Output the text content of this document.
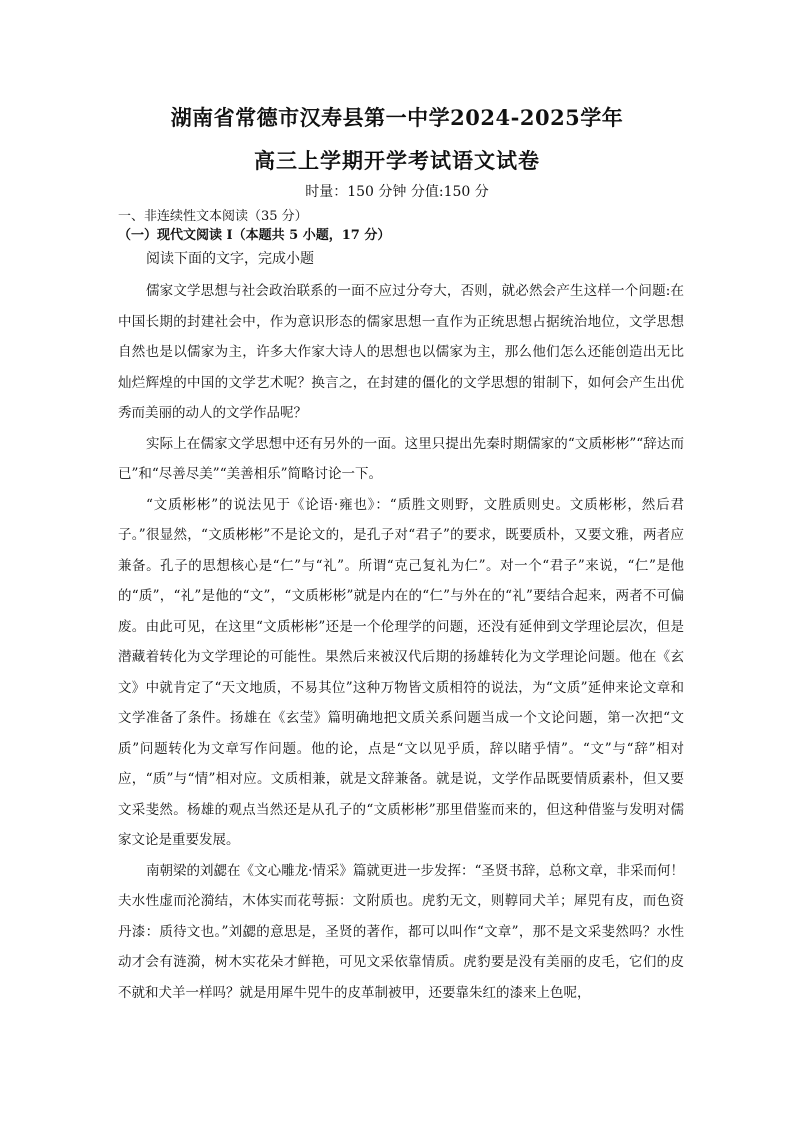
湖南省常德市汉寿县第一中学2024-2025学年
高三上学期开学考试语文试卷
时量：150 分钟 分值:150 分
一、非连续性文本阅读（35 分）
（一）现代文阅读 I（本题共 5 小题，17 分）
阅读下面的文字，完成小题

儒家文学思想与社会政治联系的一面不应过分夸大，否则，就必然会产生这样一个问题:在中国长期的封建社会中，作为意识形态的儒家思想一直作为正统思想占据统治地位，文学思想自然也是以儒家为主，许多大作家大诗人的思想也以儒家为主，那么他们怎么还能创造出无比灿烂辉煌的中国的文学艺术呢？换言之，在封建的僵化的文学思想的钳制下，如何会产生出优秀而美丽的动人的文学作品呢？

实际上在儒家文学思想中还有另外的一面。这里只提出先秦时期儒家的“文质彬彬”“辞达而已”和“尽善尽美”“美善相乐”简略讨论一下。

“文质彬彬”的说法见于《论语·雍也》：“质胜文则野，文胜质则史。文质彬彬，然后君子。”很显然，“文质彬彬”不是论文的，是孔子对“君子”的要求，既要质朴，又要文雅，两者应兼备。孔子的思想核心是“仁”与“礼”。所谓“克己复礼为仁”。对一个“君子”来说，“仁”是他的“质”，“礼”是他的“文”，“文质彬彬”就是内在的“仁”与外在的“礼”要结合起来，两者不可偏废。由此可见，在这里“文质彬彬”还是一个伦理学的问题，还没有延伸到文学理论层次，但是潜藏着转化为文学理论的可能性。果然后来被汉代后期的扬雄转化为文学理论问题。他在《玄文》中就肯定了“天文地质，不易其位”这种万物皆文质相符的说法，为“文质”延伸来论文章和文学准备了条件。扬雄在《玄莹》篇明确地把文质关系问题当成一个文论问题，第一次把“文质”问题转化为文章写作问题。他的论，点是“文以见乎质，辞以睹乎情”。“文”与“辞”相对应，“质”与“情”相对应。文质相兼，就是文辞兼备。就是说，文学作品既要情质素朴，但又要文采斐然。杨雄的观点当然还是从孔子的“文质彬彬”那里借鉴而来的，但这种借鉴与发明对儒家文论是重要发展。

南朝梁的刘勰在《文心雕龙·情采》篇就更进一步发挥：“圣贤书辞，总称文章，非采而何！夫水性虚而沦漪结，木体实而花萼振：文附质也。虎豹无文，则鞟同犬羊；犀兕有皮，而色资丹漆：质待文也。”刘勰的意思是，圣贤的著作，都可以叫作“文章”，那不是文采斐然吗？水性动才会有涟漪，树木实花朵才鲜艳，可见文采依靠情质。虎豹要是没有美丽的皮毛，它们的皮不就和犬羊一样吗？就是用犀牛兕牛的皮革制被甲，还要靠朱红的漆来上色呢，
